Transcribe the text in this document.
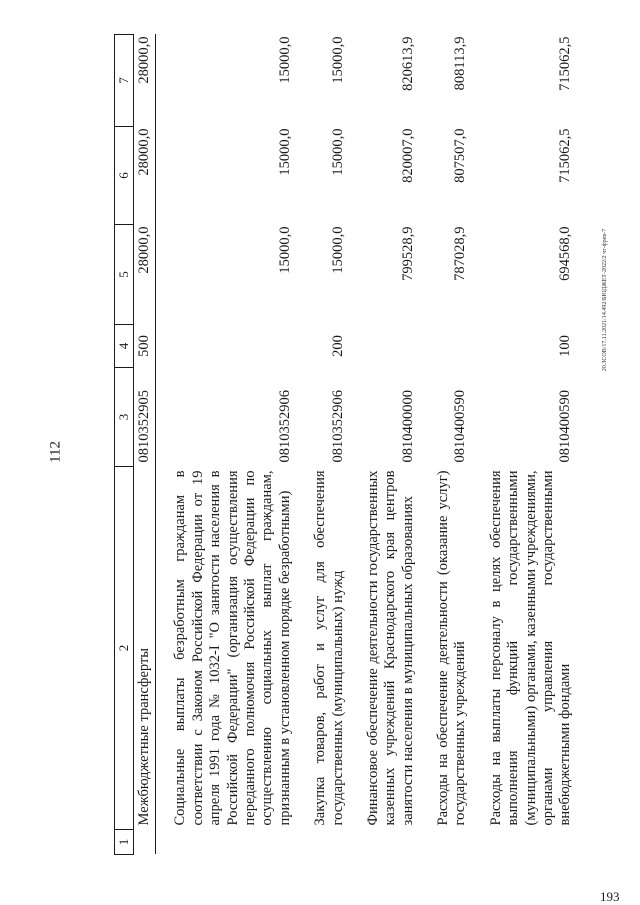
112
20.ЗСОВ/17.11.2021/14.492/БЮДЖЕТ-2022/2 чт-фрев-7
193
1	2	3	4	5	6	7
	Межбюджетные трансферты	0810352905	500	28000,0	28000,0	28000,0
	Социальные выплаты безработным гражданам в соответствии с Законом Российской Федерации от 19 апреля 1991 года № 1032-I "О занятости населения в Российской Федерации" (организация осуществления переданного полномочия Российской Федерации по осуществлению социальных выплат гражданам, признанным в установленном порядке безработными)	0810352906		15000,0	15000,0	15000,0
	Закупка товаров, работ и услуг для обеспечения государственных (муниципальных) нужд	0810352906	200	15000,0	15000,0	15000,0
	Финансовое обеспечение деятельности государственных казенных учреждений Краснодарского края центров занятости населения в муниципальных образованиях	0810400000		799528,9	820007,0	820613,9
	Расходы на обеспечение деятельности (оказание услуг) государственных учреждений	0810400590		787028,9	807507,0	808113,9
	Расходы на выплаты персоналу в целях обеспечения выполнения функций государственными (муниципальными) органами, казенными учреждениями, органами управления государственными внебюджетными фондами	0810400590	100	694568,0	715062,5	715062,5
